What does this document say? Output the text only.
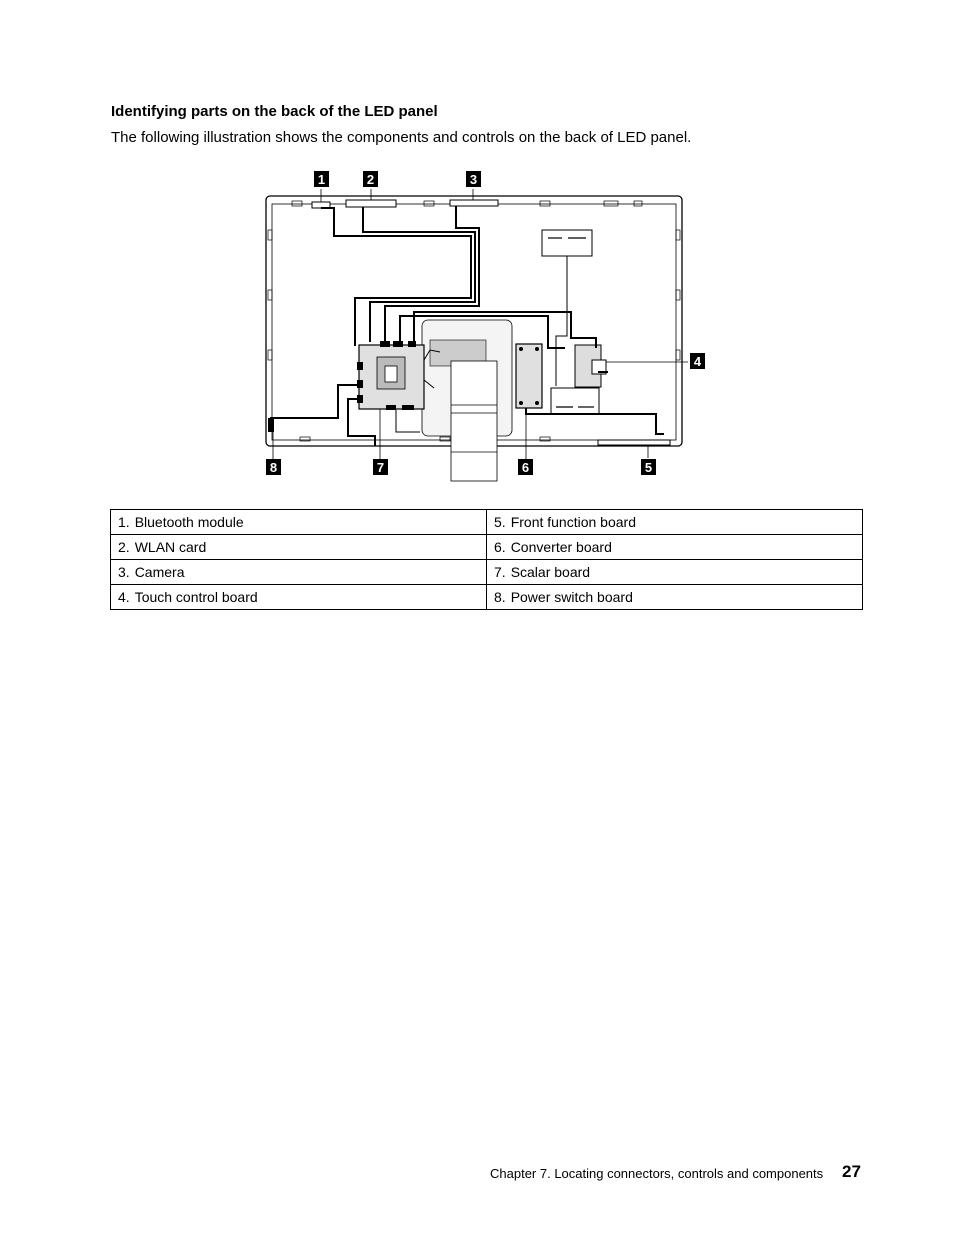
Identifying parts on the back of the LED panel

The following illustration shows the components and controls on the back of LED panel.

1	2	3
4
5
6
7
8
1. Bluetooth module	5. Front function board
2. WLAN card	6. Converter board
3. Camera	7. Scalar board
4. Touch control board	8. Power switch board
Chapter 7. Locating connectors, controls and components 27
